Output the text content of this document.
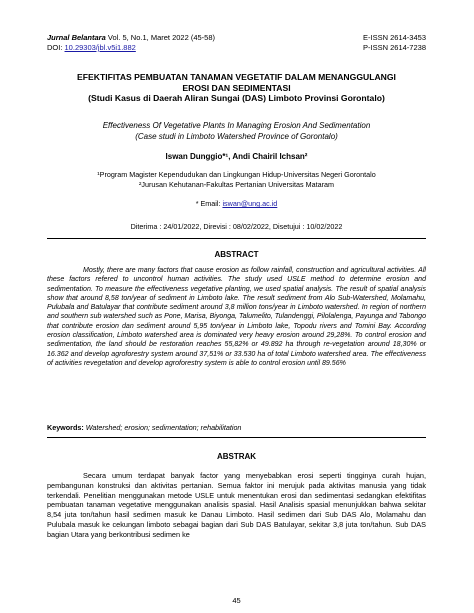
Jurnal Belantara Vol. 5, No.1, Maret 2022 (45-58)	E-ISSN 2614-3453
DOI: 10.29303/jbl.v5i1.882	P-ISSN 2614-7238
EFEKTIFITAS PEMBUATAN TANAMAN VEGETATIF DALAM MENANGGULANGI
EROSI DAN SEDIMENTASI
(Studi Kasus di Daerah Aliran Sungai (DAS) Limboto Provinsi Gorontalo)
Effectiveness Of Vegetative Plants In Managing Erosion And Sedimentation
(Case studi in Limboto Watershed Province of Gorontalo)
Iswan Dunggio*¹, Andi Chairil Ichsan²
¹Program Magister Kependudukan dan Lingkungan Hidup-Universitas Negeri Gorontalo
²Jurusan Kehutanan-Fakultas Pertanian Universitas Mataram
* Email: iswan@ung.ac.id
Diterima : 24/01/2022, Direvisi : 08/02/2022, Disetujui : 10/02/2022
ABSTRACT
Mostly, there are many factors that cause erosion as follow rainfall, construction and agricultural activities. All these factors refered to uncontrol human activities. The study used USLE method to determine erosion and sedimentation. To measure the effectiveness vegetative planting, we used spatial analysis. The result of spatial analysis show that around 8,58 ton/year of sediment in Limboto lake. The result sediment from Alo Sub-Watershed, Molamahu, Pulubala and Batulayar that contribute sediment around 3,8 million tons/year in Limboto watershed. In region of northern and southern sub watershed such as Pone, Marisa, Biyonga, Talumelito, Tulandenggi, Pilolalenga, Payunga and Tabongo that contribute erosion dan sediment around 5,95 ton/year in Limboto lake, Topodu rivers and Tomini Bay. According erosion classification, Limboto watershed area is dominated very heavy erosion around 29,28%. To control erosion and sedimentation, the land should be restoration reaches 55,82% or 49.892 ha through re-vegetation around 18,30% or 16.362 and develop agroforestry system around 37,51% or 33.530 ha of total Limboto watershed area. The effectiveness of activities revegetation and develop agroforestry system is able to control erosion until 89.56%
Keywords: Watershed; erosion; sedimentation; rehabilitation
ABSTRAK
Secara umum terdapat banyak factor yang menyebabkan erosi seperti tingginya curah hujan, pembangunan konstruksi dan aktivitas pertanian. Semua faktor ini merujuk pada aktivitas manusia yang tidak terkendali. Penelitian menggunakan metode USLE untuk menentukan erosi dan sedimentasi sedangkan efektifitas pembuatan tanaman vegetative menggunakan analisis spasial. Hasil Analisis spasial menunjukkan bahwa sekitar 8,54 juta ton/tahun hasil sedimen masuk ke Danau Limboto. Hasil sedimen dari Sub DAS Alo, Molamahu dan Pulubala masuk ke cekungan limboto sebagai bagian dari Sub DAS Batulayar, sekitar 3,8 juta ton/tahun. Sub DAS bagian Utara yang berkontribusi sedimen ke
45
